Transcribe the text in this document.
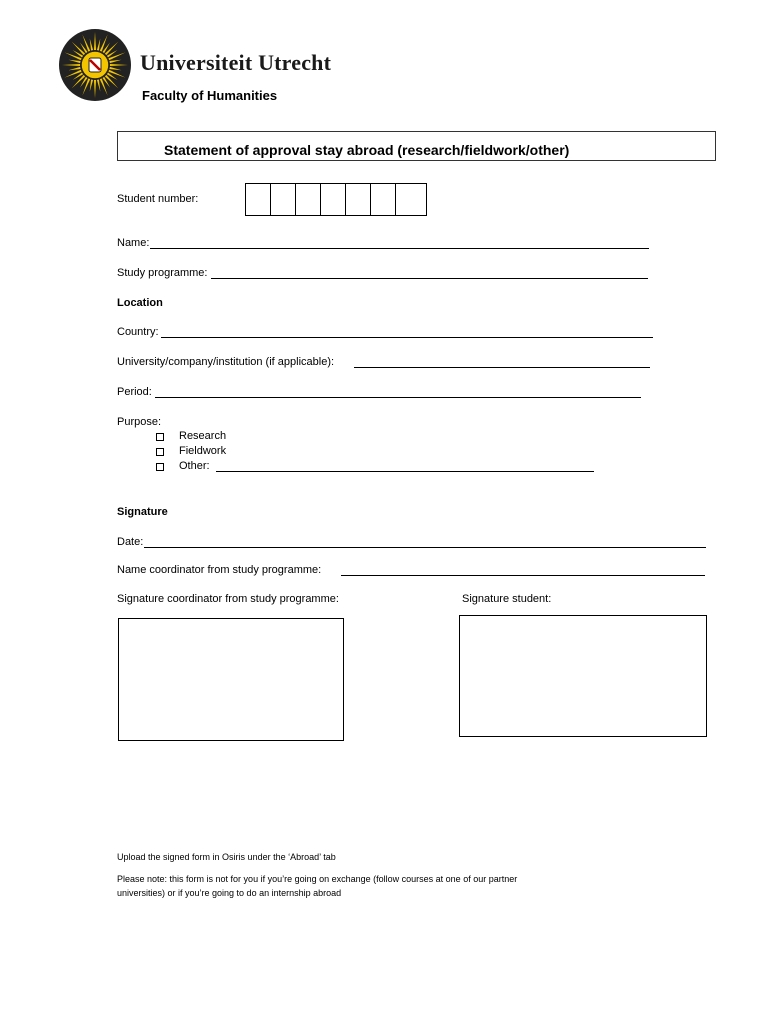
Universiteit Utrecht
Faculty of Humanities
Statement of approval stay abroad (research/fieldwork/other)
Student number:
Name:
Study programme:
Location
Country:
University/company/institution (if applicable):
Period:
Purpose:
Research
Fieldwork
Other:
Signature
Date:
Name coordinator from study programme:
Signature coordinator from study programme:	Signature student:
Upload the signed form in Osiris under the ‘Abroad’ tab
Please note: this form is not for you if you’re going on exchange (follow courses at one of our partner
universities) or if you’re going to do an internship abroad
